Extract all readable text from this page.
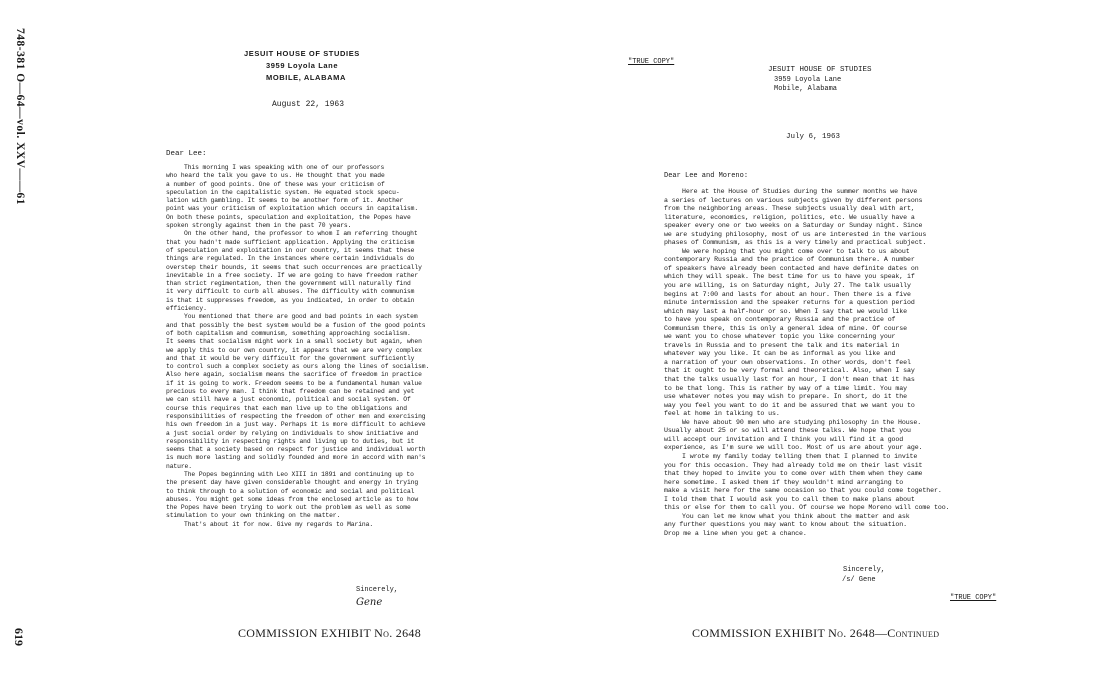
748-381 O—64—vol. XXV——61
619
JESUIT HOUSE OF STUDIES
3959 Loyola Lane
MOBILE, ALABAMA
August 22, 1963
Dear Lee:
This morning I was speaking with one of our professors
who heard the talk you gave to us. He thought that you made
a number of good points. One of these was your criticism of
speculation in the capitalistic system. He equated stock specu-
lation with gambling. It seems to be another form of it. Another
point was your criticism of exploitation which occurs in capitalism.
On both these points, speculation and exploitation, the Popes have
spoken strongly against them in the past 70 years.
On the other hand, the professor to whom I am referring thought
that you hadn't made sufficient application. Applying the criticism
of speculation and exploitation in our country, it seems that these
things are regulated. In the instances where certain individuals do
overstep their bounds, it seems that such occurrences are practically
inevitable in a free society. If we are going to have freedom rather
than strict regimentation, then the government will naturally find
it very difficult to curb all abuses. The difficulty with communism
is that it suppresses freedom, as you indicated, in order to obtain
efficiency.
You mentioned that there are good and bad points in each system
and that possibly the best system would be a fusion of the good points
of both capitalism and communism, something approaching socialism.
It seems that socialism might work in a small society but again, when
we apply this to our own country, it appears that we are very complex
and that it would be very difficult for the government sufficiently
to control such a complex society as ours along the lines of socialism.
Also here again, socialism means the sacrifice of freedom in practice
if it is going to work. Freedom seems to be a fundamental human value
precious to every man. I think that freedom can be retained and yet
we can still have a just economic, political and social system. Of
course this requires that each man live up to the obligations and
responsibilities of respecting the freedom of other men and exercising
his own freedom in a just way. Perhaps it is more difficult to achieve
a just social order by relying on individuals to show initiative and
responsibility in respecting rights and living up to duties, but it
seems that a society based on respect for justice and individual worth
is much more lasting and solidly founded and more in accord with man's
nature.
The Popes beginning with Leo XIII in 1891 and continuing up to
the present day have given considerable thought and energy in trying
to think through to a solution of economic and social and political
abuses. You might get some ideas from the enclosed article as to how
the Popes have been trying to work out the problem as well as some
stimulation to your own thinking on the matter.
That's about it for now. Give my regards to Marina.
Sincerely,
Gene
"TRUE COPY"
JESUIT HOUSE OF STUDIES
3959 Loyola Lane
Mobile, Alabama
July 6, 1963
Dear Lee and Moreno:
Here at the House of Studies during the summer months we have
a series of lectures on various subjects given by different persons
from the neighboring areas. These subjects usually deal with art,
literature, economics, religion, politics, etc. We usually have a
speaker every one or two weeks on a Saturday or Sunday night. Since
we are studying philosophy, most of us are interested in the various
phases of Communism, as this is a very timely and practical subject.
We were hoping that you might come over to talk to us about
contemporary Russia and the practice of Communism there. A number
of speakers have already been contacted and have definite dates on
which they will speak. The best time for us to have you speak, if
you are willing, is on Saturday night, July 27. The talk usually
begins at 7:00 and lasts for about an hour. Then there is a five
minute intermission and the speaker returns for a question period
which may last a half-hour or so. When I say that we would like
to have you speak on contemporary Russia and the practice of
Communism there, this is only a general idea of mine. Of course
we want you to chose whatever topic you like concerning your
travels in Russia and to present the talk and its material in
whatever way you like. It can be as informal as you like and
a narration of your own observations. In other words, don't feel
that it ought to be very formal and theoretical. Also, when I say
that the talks usually last for an hour, I don't mean that it has
to be that long. This is rather by way of a time limit. You may
use whatever notes you may wish to prepare. In short, do it the
way you feel you want to do it and be assured that we want you to
feel at home in talking to us.
We have about 90 men who are studying philosophy in the House.
Usually about 25 or so will attend these talks. We hope that you
will accept our invitation and I think you will find it a good
experience, as I'm sure we will too. Most of us are about your age.
I wrote my family today telling them that I planned to invite
you for this occasion. They had already told me on their last visit
that they hoped to invite you to come over with them when they came
here sometime. I asked them if they wouldn't mind arranging to
make a visit here for the same occasion so that you could come together.
I told them that I would ask you to call them to make plans about
this or else for them to call you. Of course we hope Moreno will come too.
You can let me know what you think about the matter and ask
any further questions you may want to know about the situation.
Drop me a line when you get a chance.
Sincerely,
/s/ Gene
"TRUE COPY"
COMMISSION EXHIBIT No. 2648	COMMISSION EXHIBIT No. 2648—Continued
